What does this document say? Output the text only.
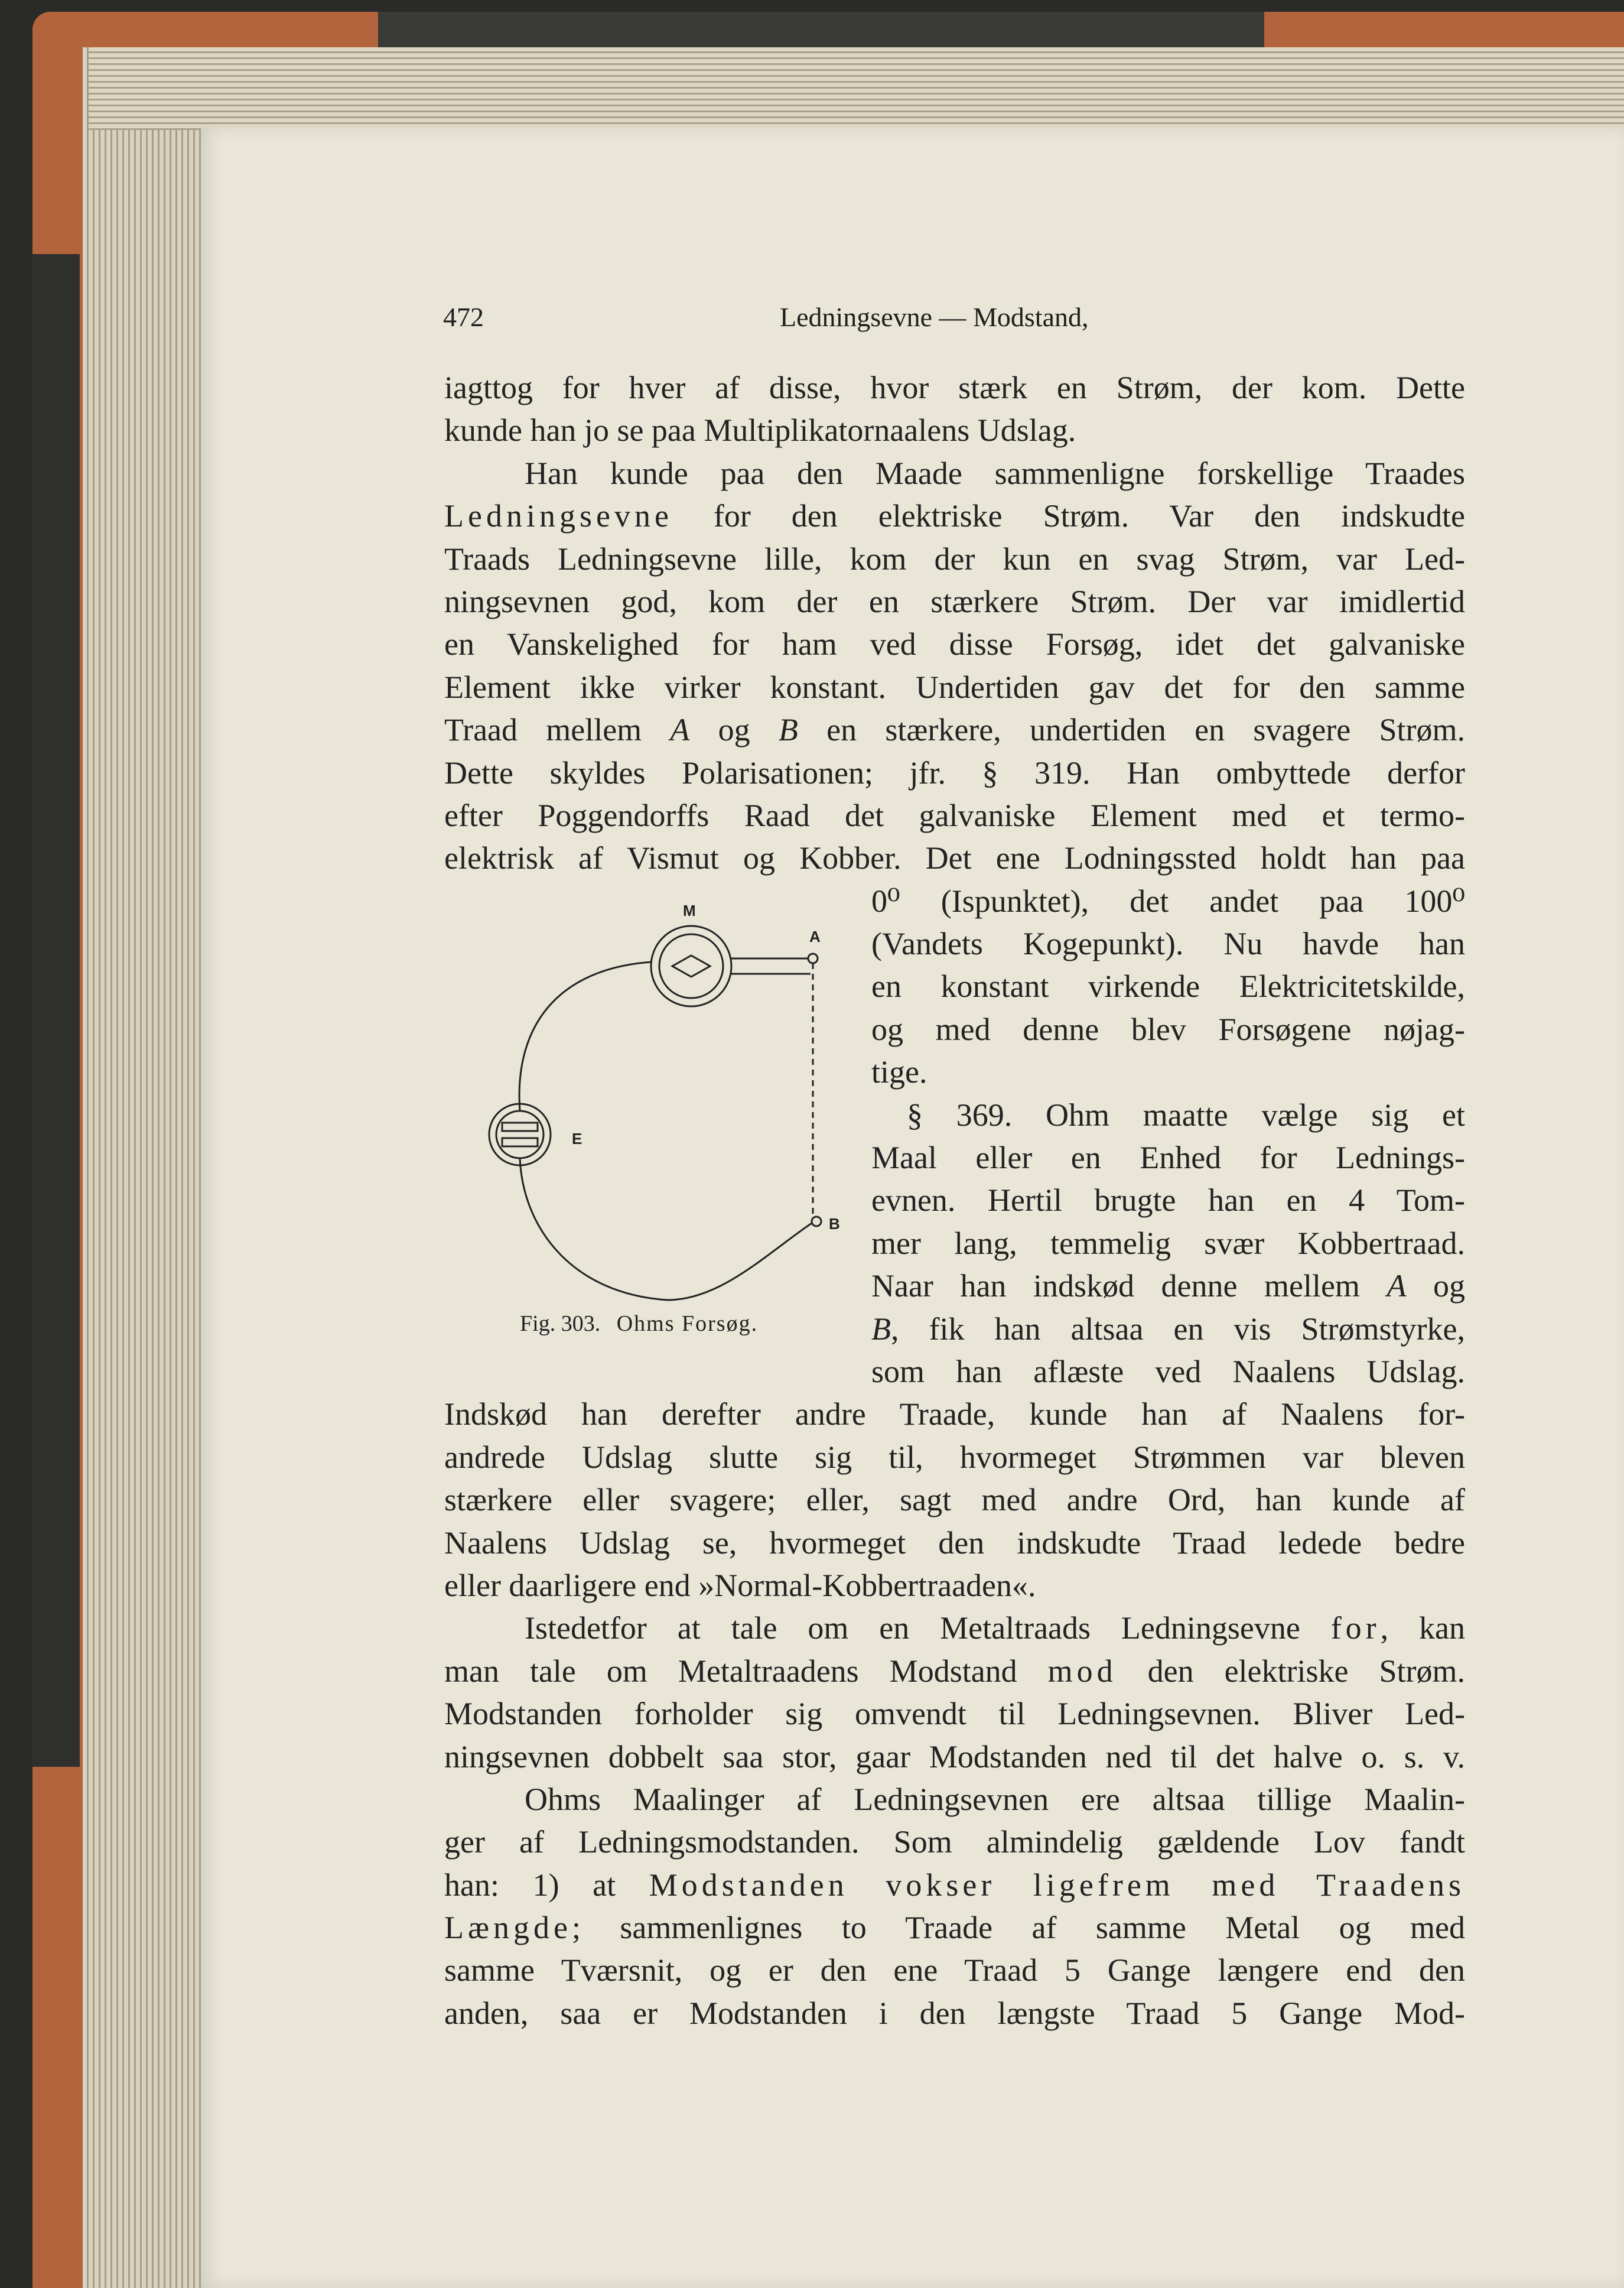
472	Ledningsevne — Modstand,
iagttog for hver af disse, hvor stærk en Strøm, der kom. Dette
kunde han jo se paa Multiplikatornaalens Udslag.
Han kunde paa den Maade sammenligne forskellige Traades
Ledningsevne for den elektriske Strøm. Var den indskudte
Traads Ledningsevne lille, kom der kun en svag Strøm, var Led-
ningsevnen god, kom der en stærkere Strøm. Der var imidlertid
en Vanskelighed for ham ved disse Forsøg, idet det galvaniske
Element ikke virker konstant. Undertiden gav det for den samme
Traad mellem A og B en stærkere, undertiden en svagere Strøm.
Dette skyldes Polarisationen; jfr. § 319. Han ombyttede derfor
efter Poggendorffs Raad det galvaniske Element med et termo-
elektrisk af Vismut og Kobber. Det ene Lodningssted holdt han paa
0⁰ (Ispunktet), det andet paa 100⁰
(Vandets Kogepunkt). Nu havde han
en konstant virkende Elektricitetskilde,
og med denne blev Forsøgene nøjag-
tige.
§ 369. Ohm maatte vælge sig et
Maal eller en Enhed for Lednings-
evnen. Hertil brugte han en 4 Tom-
mer lang, temmelig svær Kobbertraad.
Naar han indskød denne mellem A og
B, fik han altsaa en vis Strømstyrke,
som han aflæste ved Naalens Udslag.
Indskød han derefter andre Traade, kunde han af Naalens for-
andrede Udslag slutte sig til, hvormeget Strømmen var bleven
stærkere eller svagere; eller, sagt med andre Ord, han kunde af
Naalens Udslag se, hvormeget den indskudte Traad ledede bedre
eller daarligere end »Normal-Kobbertraaden«.
Istedetfor at tale om en Metaltraads Ledningsevne for, kan
man tale om Metaltraadens Modstand mod den elektriske Strøm.
Modstanden forholder sig omvendt til Ledningsevnen. Bliver Led-
ningsevnen dobbelt saa stor, gaar Modstanden ned til det halve o. s. v.
Ohms Maalinger af Ledningsevnen ere altsaa tillige Maalin-
ger af Ledningsmodstanden. Som almindelig gældende Lov fandt
han: 1) at Modstanden vokser ligefrem med Traadens
Længde; sammenlignes to Traade af samme Metal og med
samme Tværsnit, og er den ene Traad 5 Gange længere end den
anden, saa er Modstanden i den længste Traad 5 Gange Mod-
M
A
B
E
Fig. 303. Ohms Forsøg.
